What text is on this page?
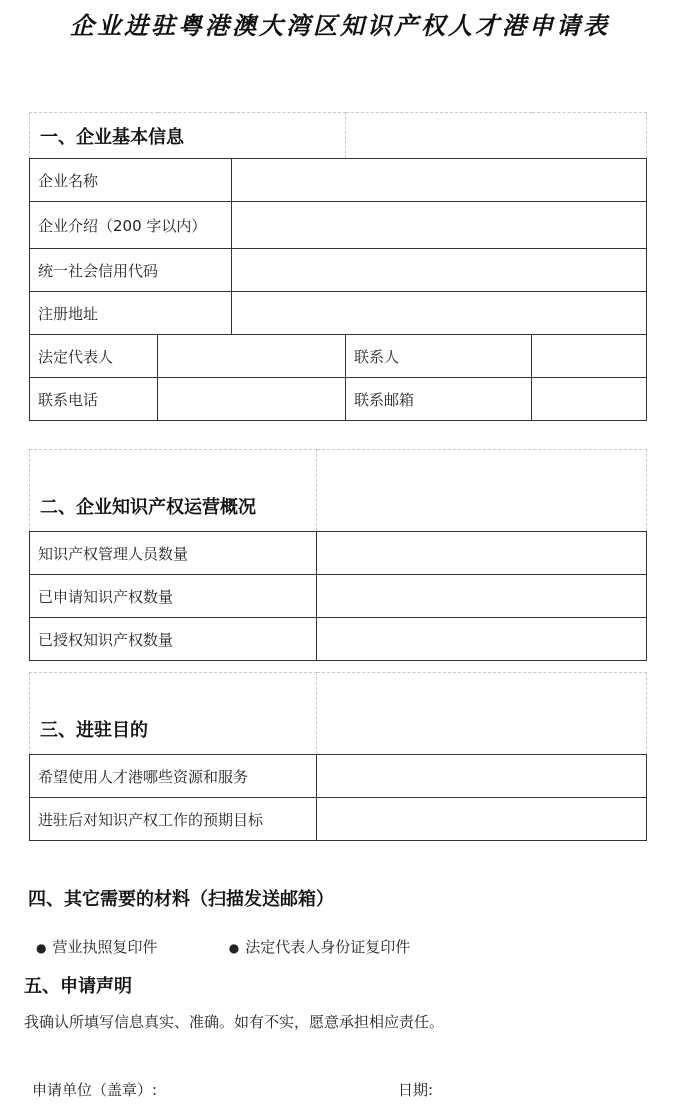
企业进驻粤港澳大湾区知识产权人才港申请表
一、企业基本信息				
企业名称				
企业介绍（200 字以内）				
统一社会信用代码				
注册地址				
法定代表人			联系人	
联系电话			联系邮箱	
二、企业知识产权运营概况	
知识产权管理人员数量	
已申请知识产权数量	
已授权知识产权数量	
三、进驻目的	
希望使用人才港哪些资源和服务	
进驻后对知识产权工作的预期目标	
四、其它需要的材料（扫描发送邮箱）
● 营业执照复印件	● 法定代表人身份证复印件
五、申请声明
我确认所填写信息真实、准确。如有不实，愿意承担相应责任。
申请单位（盖章）:	日期:
